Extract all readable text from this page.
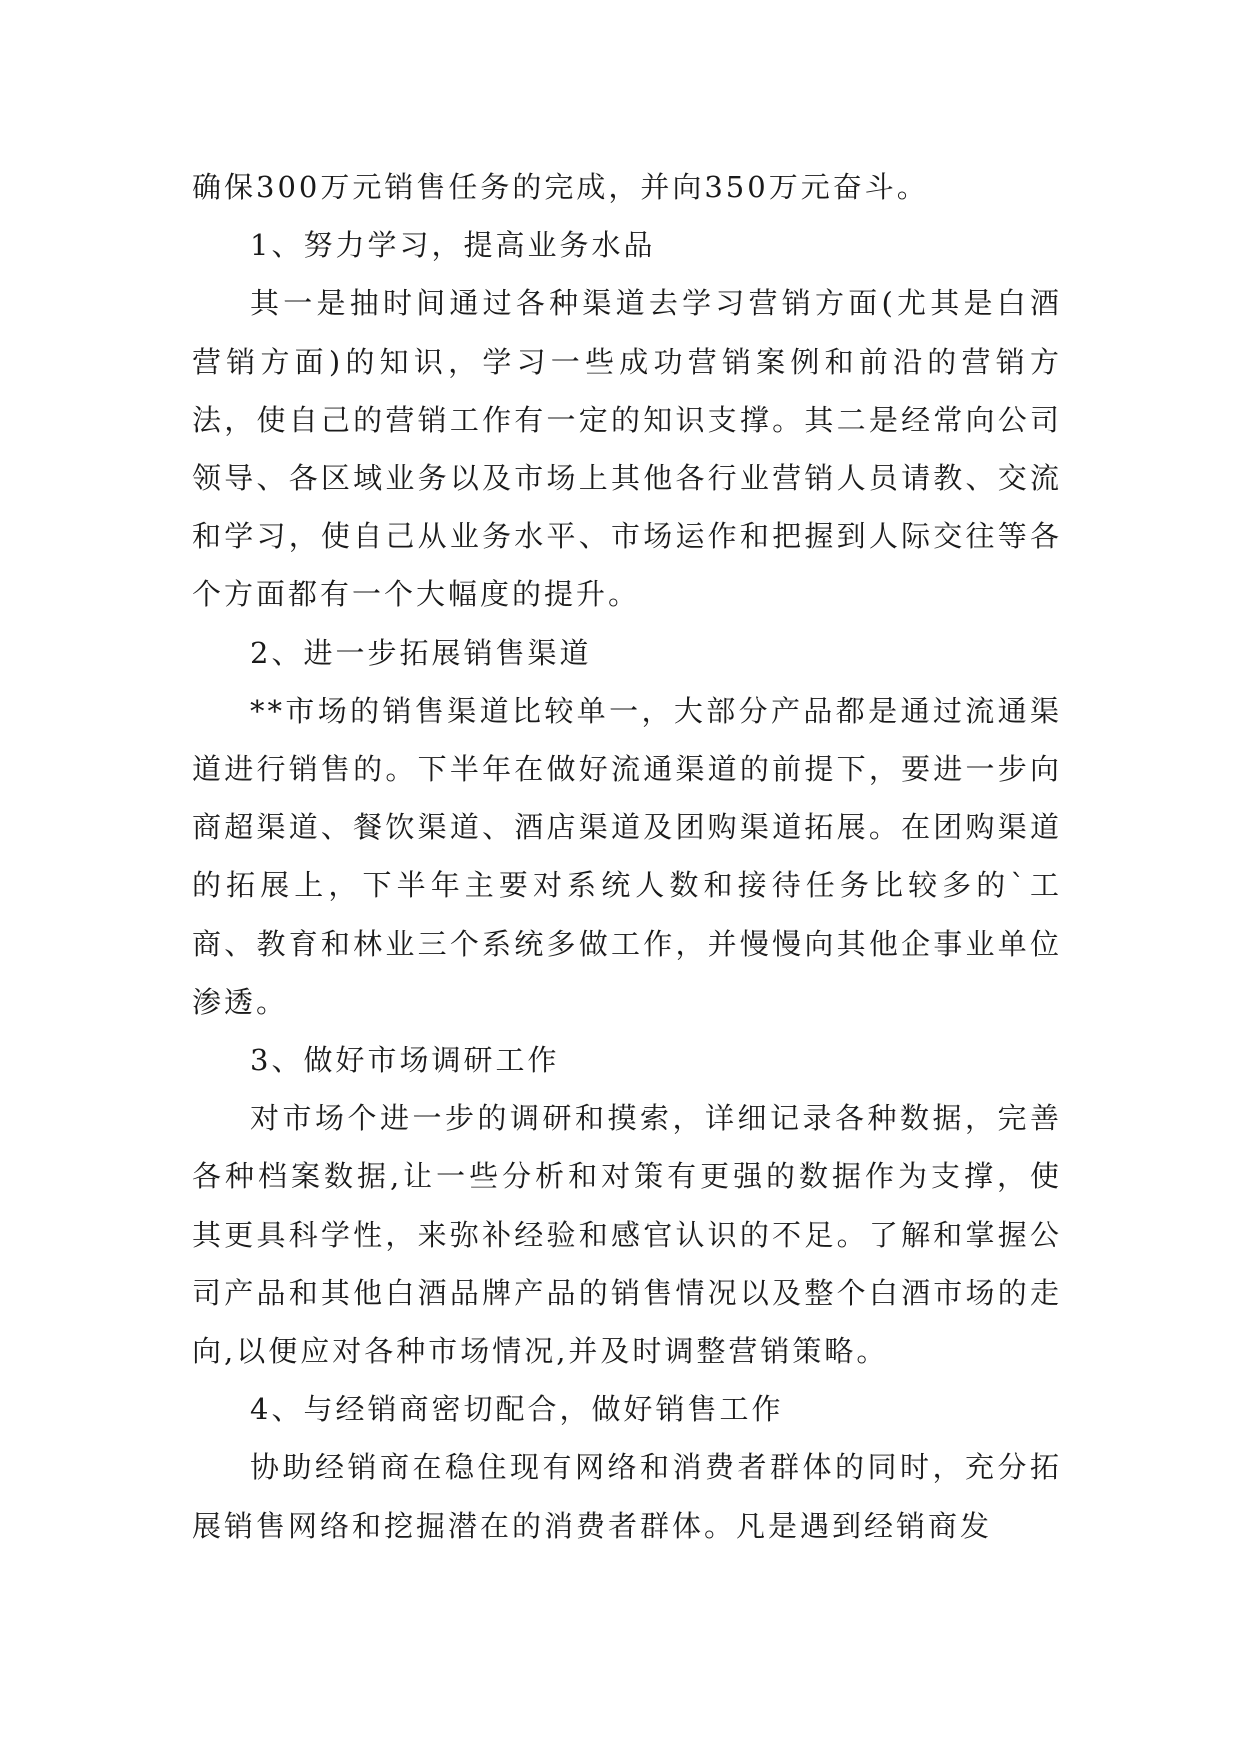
确保300万元销售任务的完成，并向350万元奋斗。

1、努力学习，提高业务水品

其一是抽时间通过各种渠道去学习营销方面(尤其是白酒营销方面)的知识，学习一些成功营销案例和前沿的营销方法，使自己的营销工作有一定的知识支撑。其二是经常向公司领导、各区域业务以及市场上其他各行业营销人员请教、交流和学习，使自己从业务水平、市场运作和把握到人际交往等各个方面都有一个大幅度的提升。

2、进一步拓展销售渠道

**市场的销售渠道比较单一，大部分产品都是通过流通渠道进行销售的。下半年在做好流通渠道的前提下，要进一步向商超渠道、餐饮渠道、酒店渠道及团购渠道拓展。在团购渠道的拓展上，下半年主要对系统人数和接待任务比较多的`工商、教育和林业三个系统多做工作，并慢慢向其他企事业单位渗透。

3、做好市场调研工作

对市场个进一步的调研和摸索，详细记录各种数据，完善各种档案数据,让一些分析和对策有更强的数据作为支撑，使其更具科学性，来弥补经验和感官认识的不足。了解和掌握公司产品和其他白酒品牌产品的销售情况以及整个白酒市场的走向,以便应对各种市场情况,并及时调整营销策略。

4、与经销商密切配合，做好销售工作

协助经销商在稳住现有网络和消费者群体的同时，充分拓展销售网络和挖掘潜在的消费者群体。凡是遇到经销商发
